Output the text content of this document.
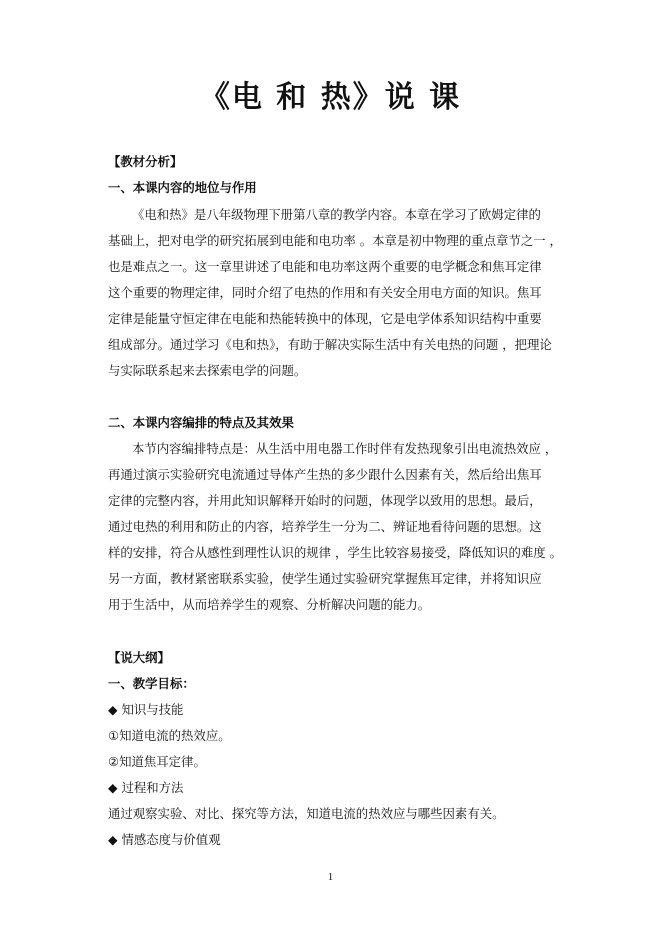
《电 和 热》说 课
【教材分析】
一、本课内容的地位与作用
《电和热》是八年级物理下册第八章的教学内容。本章在学习了欧姆定律的
基础上，把对电学的研究拓展到电能和电功率 。本章是初中物理的重点章节之一 ，
也是难点之一。这一章里讲述了电能和电功率这两个重要的电学概念和焦耳定律
这个重要的物理定律，同时介绍了电热的作用和有关安全用电方面的知识。焦耳
定律是能量守恒定律在电能和热能转换中的体现，它是电学体系知识结构中重要
组成部分。通过学习《电和热》，有助于解决实际生活中有关电热的问题 ，把理论
与实际联系起来去探索电学的问题。
二、本课内容编排的特点及其效果
本节内容编排特点是：从生活中用电器工作时伴有发热现象引出电流热效应 ，
再通过演示实验研究电流通过导体产生热的多少跟什么因素有关，然后给出焦耳
定律的完整内容，并用此知识解释开始时的问题，体现学以致用的思想。最后，
通过电热的利用和防止的内容，培养学生一分为二、辨证地看待问题的思想。这
样的安排，符合从感性到理性认识的规律 ，学生比较容易接受，降低知识的难度 。
另一方面，教材紧密联系实验，使学生通过实验研究掌握焦耳定律，并将知识应
用于生活中，从而培养学生的观察、分析解决问题的能力。
【说大纲】
一、教学目标：
◆ 知识与技能
①知道电流的热效应。
②知道焦耳定律。
◆ 过程和方法
通过观察实验、对比、探究等方法，知道电流的热效应与哪些因素有关。
◆ 情感态度与价值观
1
